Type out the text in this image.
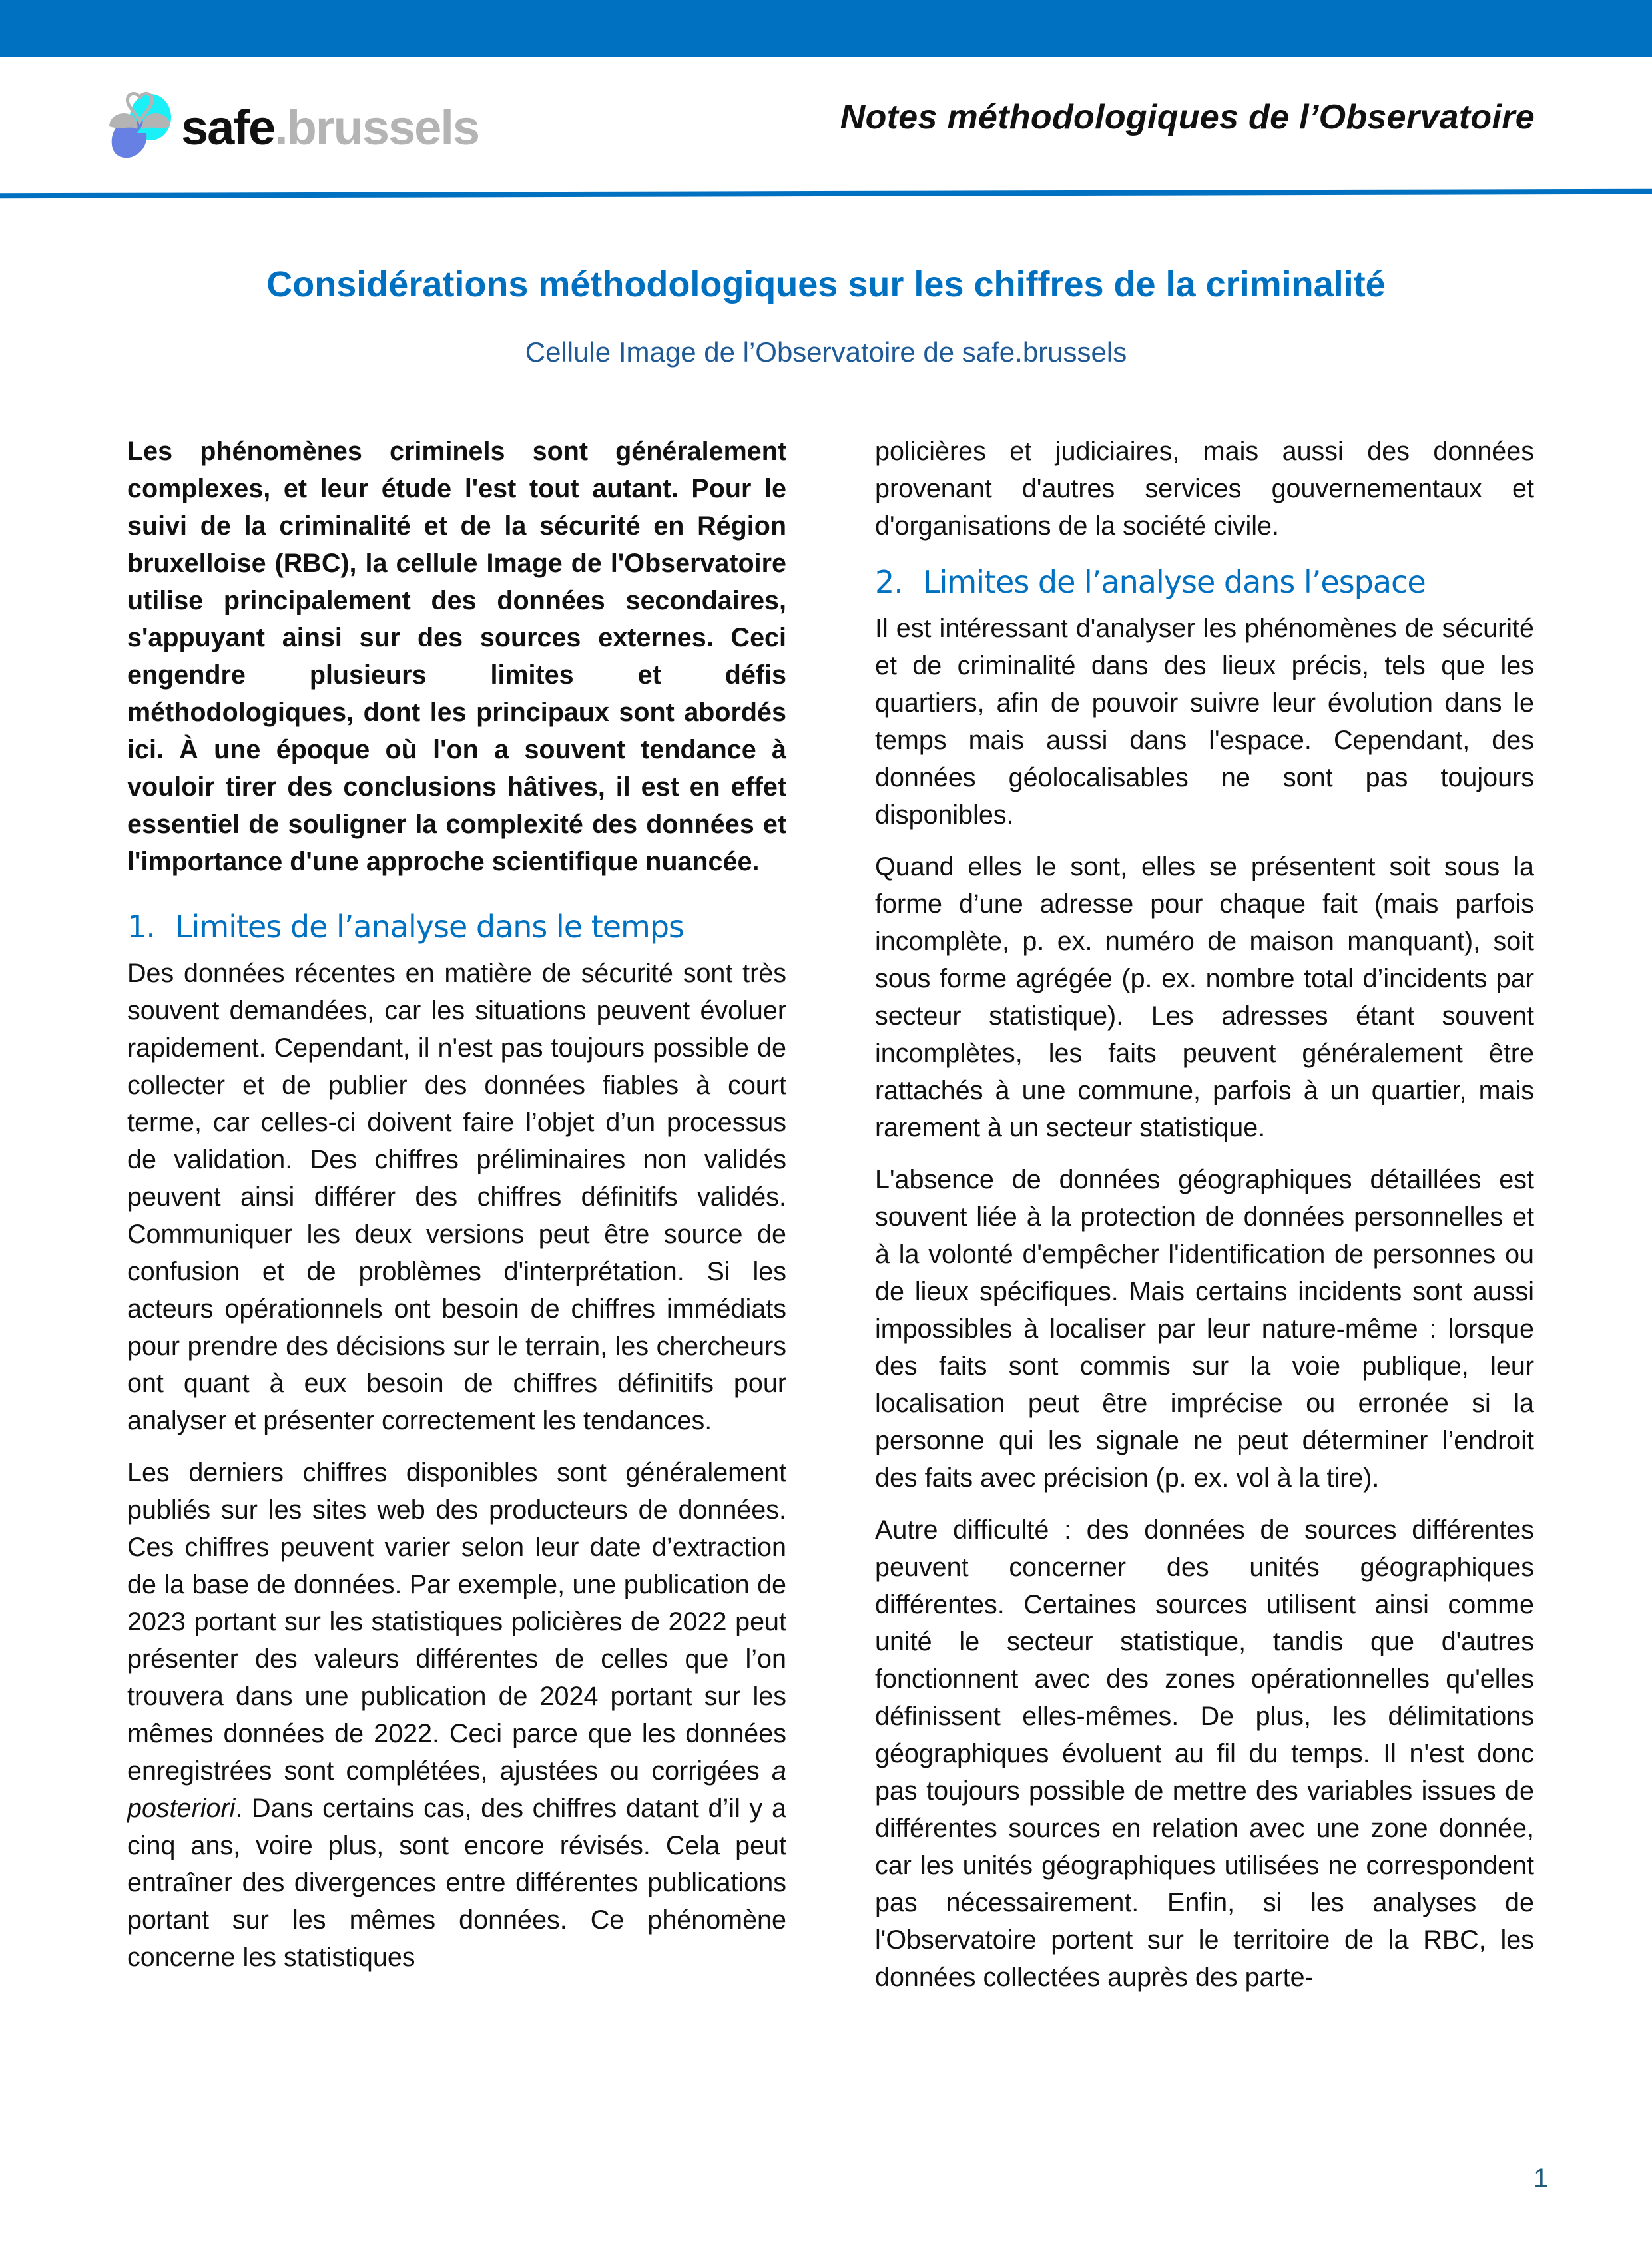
safe.brussels	Notes méthodologiques de l’Observatoire
Considérations méthodologiques sur les chiffres de la criminalité
Cellule Image de l’Observatoire de safe.brussels

Les phénomènes criminels sont généralement complexes, et leur étude l'est tout autant. Pour le suivi de la criminalité et de la sécurité en Région bruxelloise (RBC), la cellule Image de l'Observatoire utilise principalement des données secondaires, s'appuyant ainsi sur des sources externes. Ceci engendre plusieurs limites et défis méthodologiques, dont les principaux sont abordés ici. À une époque où l'on a souvent tendance à vouloir tirer des conclusions hâtives, il est en effet essentiel de souligner la complexité des données et l'importance d'une approche scientifique nuancée.

1. Limites de l’analyse dans le temps

Des données récentes en matière de sécurité sont très souvent demandées, car les situations peuvent évoluer rapidement. Cependant, il n'est pas toujours possible de collecter et de publier des données fiables à court terme, car celles-ci doivent faire l’objet d’un processus de validation. Des chiffres préliminaires non validés peuvent ainsi différer des chiffres définitifs validés. Communiquer les deux versions peut être source de confusion et de problèmes d'interprétation. Si les acteurs opérationnels ont besoin de chiffres immédiats pour prendre des décisions sur le terrain, les chercheurs ont quant à eux besoin de chiffres définitifs pour analyser et présenter correctement les tendances.

Les derniers chiffres disponibles sont généralement publiés sur les sites web des producteurs de données. Ces chiffres peuvent varier selon leur date d’extraction de la base de données. Par exemple, une publication de 2023 portant sur les statistiques policières de 2022 peut présenter des valeurs différentes de celles que l’on trouvera dans une publication de 2024 portant sur les mêmes données de 2022. Ceci parce que les données enregistrées sont complétées, ajustées ou corrigées a posteriori. Dans certains cas, des chiffres datant d’il y a cinq ans, voire plus, sont encore révisés. Cela peut entraîner des divergences entre différentes publications portant sur les mêmes données. Ce phénomène concerne les statistiques

policières et judiciaires, mais aussi des données provenant d'autres services gouvernementaux et d'organisations de la société civile.

2. Limites de l’analyse dans l’espace

Il est intéressant d'analyser les phénomènes de sécurité et de criminalité dans des lieux précis, tels que les quartiers, afin de pouvoir suivre leur évolution dans le temps mais aussi dans l'espace. Cependant, des données géolocalisables ne sont pas toujours disponibles.

Quand elles le sont, elles se présentent soit sous la forme d’une adresse pour chaque fait (mais parfois incomplète, p. ex. numéro de maison manquant), soit sous forme agrégée (p. ex. nombre total d’incidents par secteur statistique). Les adresses étant souvent incomplètes, les faits peuvent généralement être rattachés à une commune, parfois à un quartier, mais rarement à un secteur statistique.

L'absence de données géographiques détaillées est souvent liée à la protection de données personnelles et à la volonté d'empêcher l'identification de personnes ou de lieux spécifiques. Mais certains incidents sont aussi impossibles à localiser par leur nature-même : lorsque des faits sont commis sur la voie publique, leur localisation peut être imprécise ou erronée si la personne qui les signale ne peut déterminer l’endroit des faits avec précision (p. ex. vol à la tire).

Autre difficulté : des données de sources différentes peuvent concerner des unités géographiques différentes. Certaines sources utilisent ainsi comme unité le secteur statistique, tandis que d'autres fonctionnent avec des zones opérationnelles qu'elles définissent elles-mêmes. De plus, les délimitations géographiques évoluent au fil du temps. Il n'est donc pas toujours possible de mettre des variables issues de différentes sources en relation avec une zone donnée, car les unités géographiques utilisées ne correspondent pas nécessairement. Enfin, si les analyses de l'Observatoire portent sur le territoire de la RBC, les données collectées auprès des parte-

1
